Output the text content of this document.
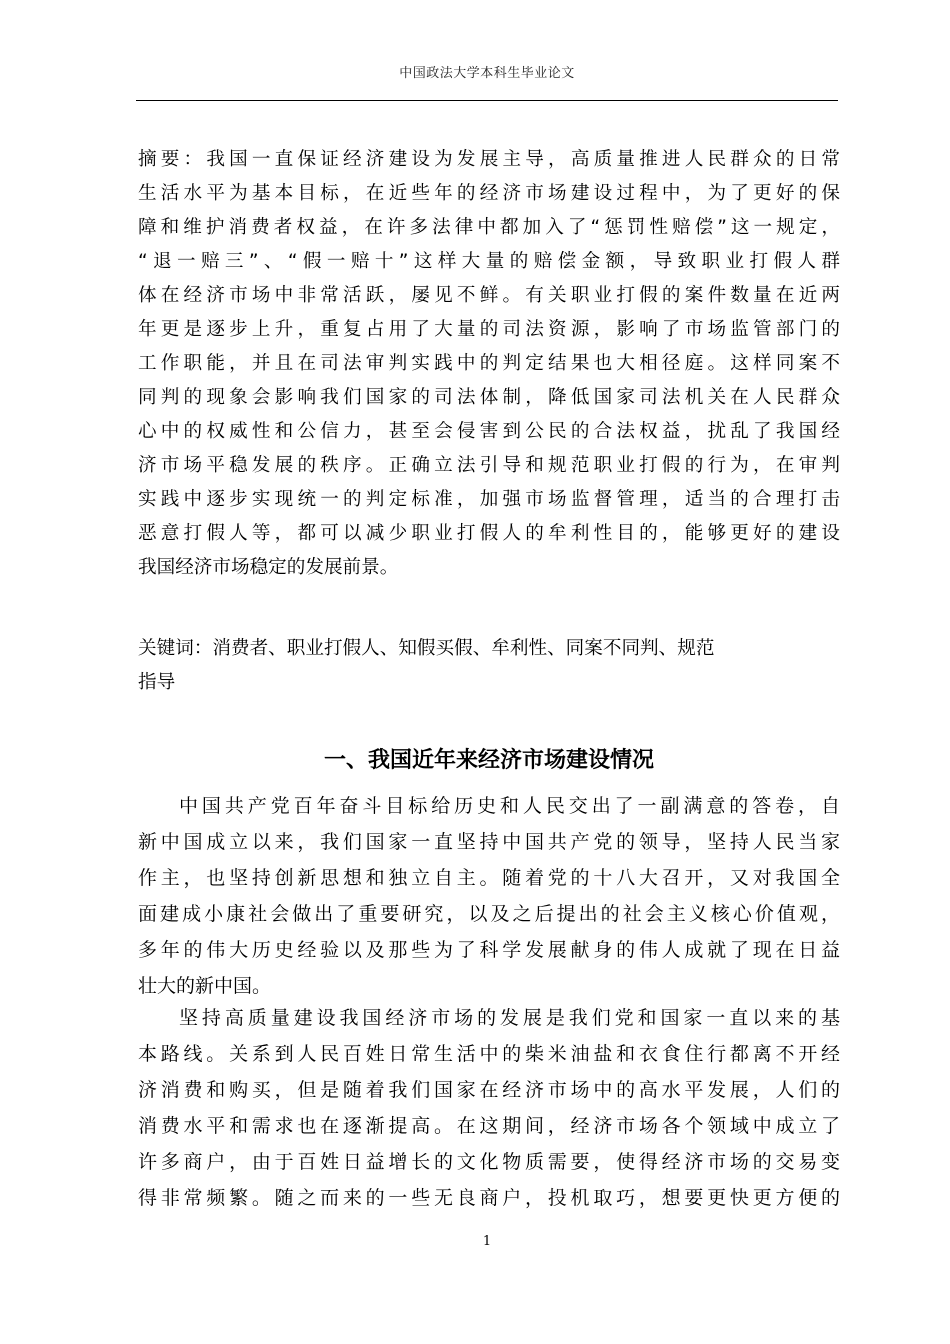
中国政法大学本科生毕业论文
摘要：我国一直保证经济建设为发展主导，高质量推进人民群众的日常
生活水平为基本目标，在近些年的经济市场建设过程中，为了更好的保
障和维护消费者权益，在许多法律中都加入了“惩罚性赔偿”这一规定，
“退一赔三”、“假一赔十”这样大量的赔偿金额，导致职业打假人群
体在经济市场中非常活跃，屡见不鲜。有关职业打假的案件数量在近两
年更是逐步上升，重复占用了大量的司法资源，影响了市场监管部门的
工作职能，并且在司法审判实践中的判定结果也大相径庭。这样同案不
同判的现象会影响我们国家的司法体制，降低国家司法机关在人民群众
心中的权威性和公信力，甚至会侵害到公民的合法权益，扰乱了我国经
济市场平稳发展的秩序。正确立法引导和规范职业打假的行为，在审判
实践中逐步实现统一的判定标准，加强市场监督管理，适当的合理打击
恶意打假人等，都可以减少职业打假人的牟利性目的，能够更好的建设
我国经济市场稳定的发展前景。
关键词：消费者、职业打假人、知假买假、牟利性、同案不同判、规范
指导
一、我国近年来经济市场建设情况
中国共产党百年奋斗目标给历史和人民交出了一副满意的答卷，自
新中国成立以来，我们国家一直坚持中国共产党的领导，坚持人民当家
作主，也坚持创新思想和独立自主。随着党的十八大召开，又对我国全
面建成小康社会做出了重要研究，以及之后提出的社会主义核心价值观，
多年的伟大历史经验以及那些为了科学发展献身的伟人成就了现在日益
壮大的新中国。
坚持高质量建设我国经济市场的发展是我们党和国家一直以来的基
本路线。关系到人民百姓日常生活中的柴米油盐和衣食住行都离不开经
济消费和购买，但是随着我们国家在经济市场中的高水平发展，人们的
消费水平和需求也在逐渐提高。在这期间，经济市场各个领域中成立了
许多商户，由于百姓日益增长的文化物质需要，使得经济市场的交易变
得非常频繁。随之而来的一些无良商户，投机取巧，想要更快更方便的
1
